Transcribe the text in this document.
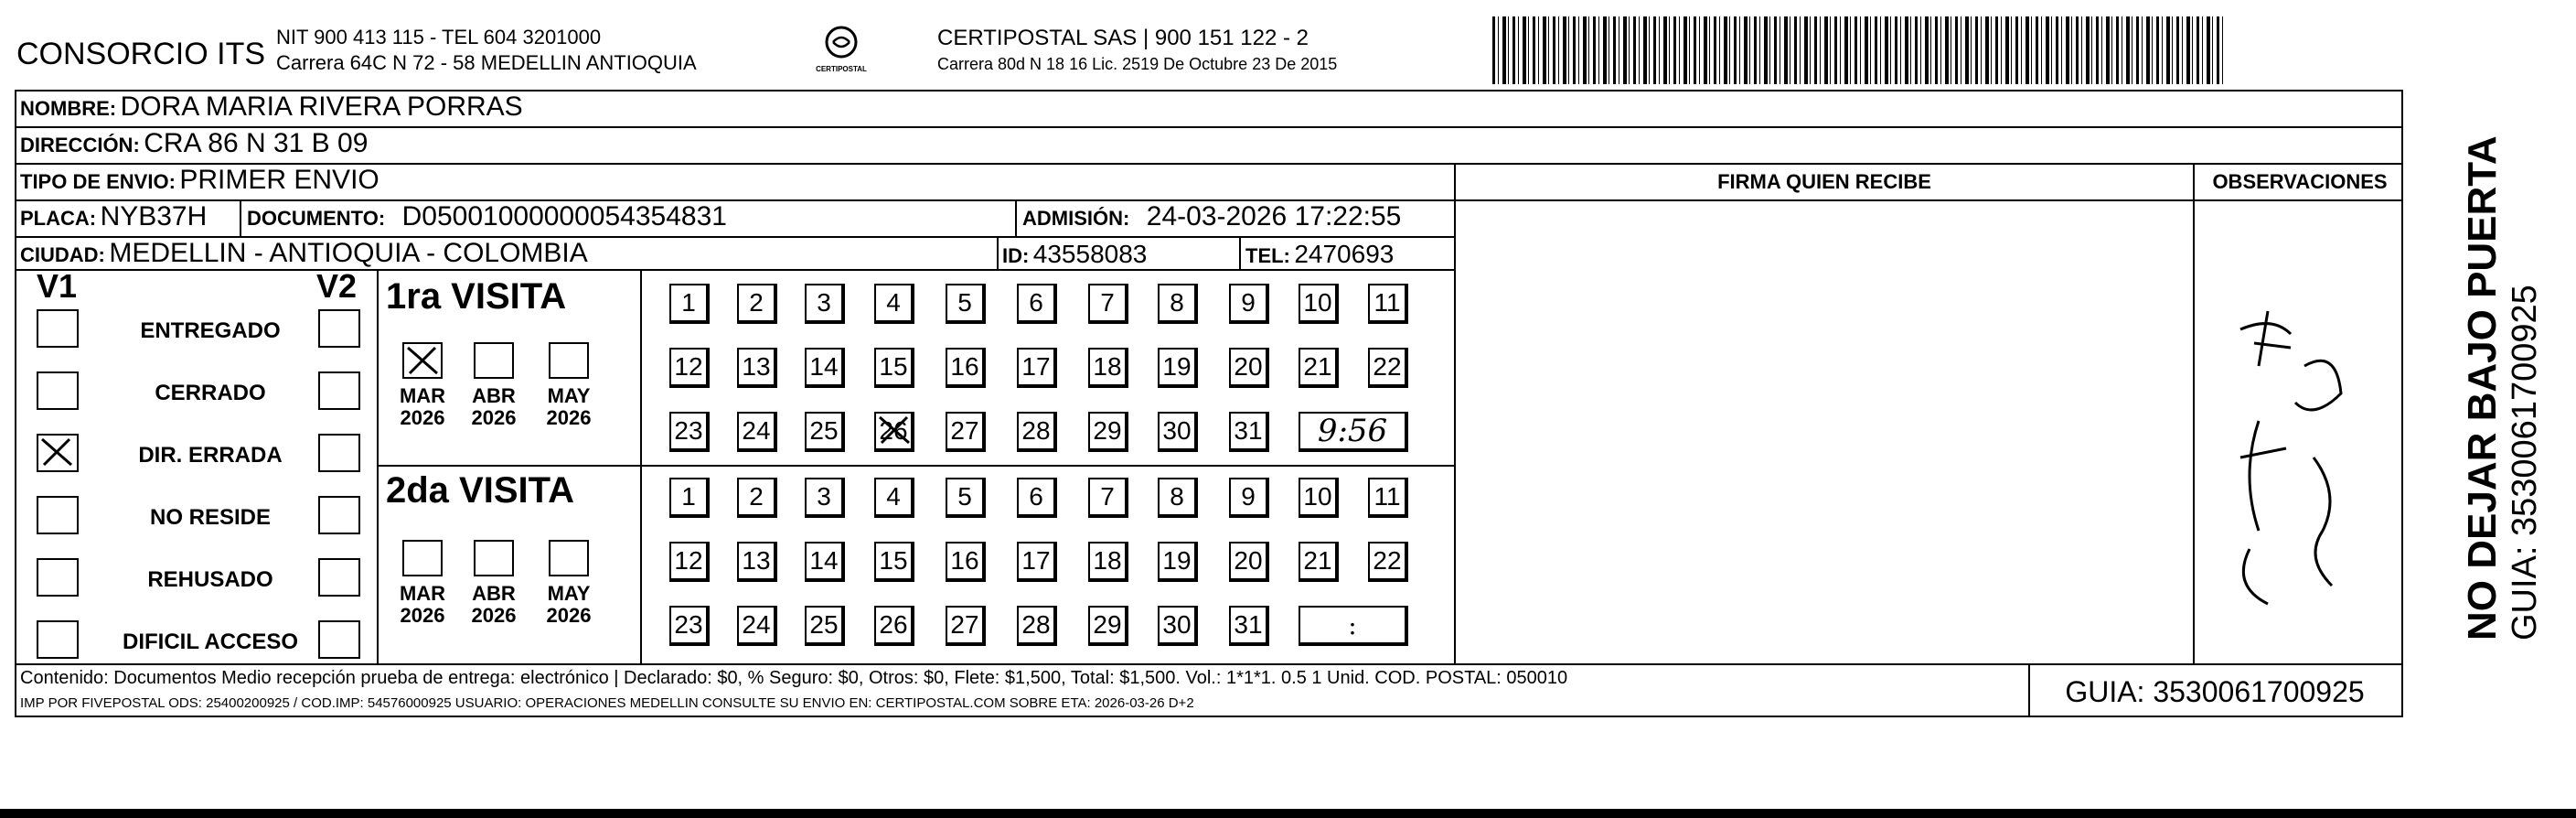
CONSORCIO ITS NIT 900 413 115 - TEL 604 3201000
Carrera 64C N 72 - 58 MEDELLIN ANTIOQUIA	CERTIPOSTAL
CERTIPOSTAL SAS | 900 151 122 - 2
Carrera 80d N 18 16 Lic. 2519 De Octubre 23 De 2015
NOMBRE: DORA MARIA RIVERA PORRAS
DIRECCIÓN: CRA 86 N 31 B 09
TIPO DE ENVIO: PRIMER ENVIO	FIRMA QUIEN RECIBE	OBSERVACIONES
PLACA: NYB37H DOCUMENTO: D05001000000054354831	ADMISIÓN: 24-03-2026 17:22:55
CIUDAD: MEDELLIN - ANTIOQUIA - COLOMBIA	ID: 43558083	TEL: 2470693
V1	V2
ENTREGADO
CERRADO
DIR. ERRADA
NO RESIDE
REHUSADO
DIFICIL ACCESO
1ra VISITA
MAR
2026
ABR
2026
MAY
2026
1	2	3	4	5	6	7	8	9	10 11
12 13 14 15 16 17 18 19 20 21 22
23 24 25 26 27 28 29 30 31	9:56
2da VISITA
MAR
2026
ABR
2026
MAY
2026
1	2	3	4	5	6	7	8	9	10 11
12 13 14 15 16 17 18 19 20 21 22
23 24 25 26 27 28 29 30 31	:	NO DEJAR BAJO PUERTA GUIA: 3530061700925
Contenido: Documentos Medio recepción prueba de entrega: electrónico | Declarado: $0, % Seguro: $0, Otros: $0, Flete: $1,500, Total: $1,500. Vol.: 1*1*1. 0.5 1 Unid. COD. POSTAL: 050010
IMP POR FIVEPOSTAL ODS: 25400200925 / COD.IMP: 54576000925 USUARIO: OPERACIONES MEDELLIN CONSULTE SU ENVIO EN: CERTIPOSTAL.COM SOBRE ETA: 2026-03-26 D+2	GUIA: 3530061700925
